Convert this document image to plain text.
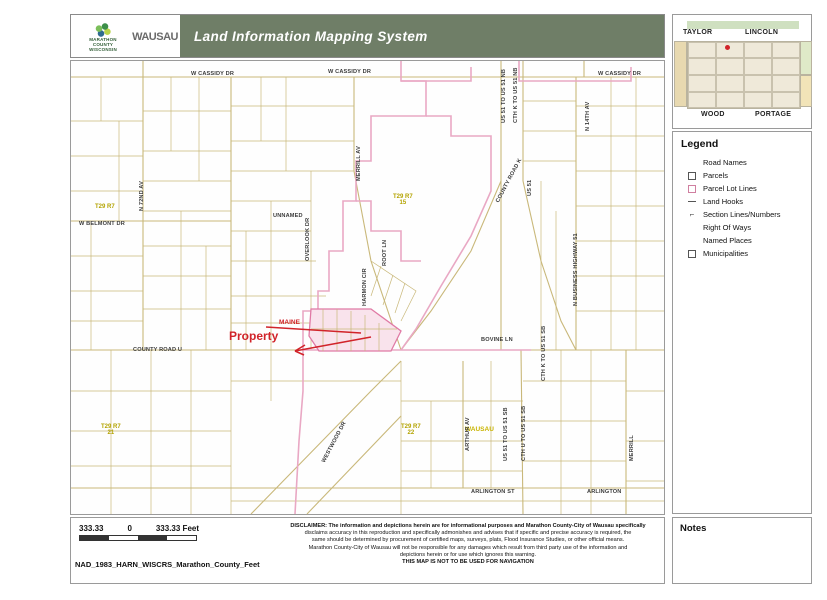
MARATHON
COUNTY
WISCONSIN
WAUSAU Land Information Mapping System
Property
MAINE
T29 R7
T29 R7
15
T29 R7
21
T29 R7
22	WAUSAU
W CASSIDY DR	W CASSIDY DR	W CASSIDY DR
W BELMONT DR
N 72ND AV
MERRILL AV
OVERLOOK DR	ROOT LN
HARMON CIR
UNNAMED
US 51 TO US 51 NB
US 51
CTH K TO US 51 NB
COUNTY ROAD K
N 14TH AV
N BUSINESS HIGHWAY 51
COUNTY ROAD U
BOVINE LN	CTH K TO US 51 SB
CTH U TO US 51 SB
US 51 TO US 51 SB
WESTWOOD DR	MERRILL
ARLINGTON ST	ARLINGTON
ARTHUR AV
333.33	0	333.33 Feet
NAD_1983_HARN_WISCRS_Marathon_County_Feet
DISCLAIMER: The information and depictions herein are for informational purposes and Marathon County-City of Wausau specifically
disclaims accuracy in this reproduction and specifically admonishes and advises that if specific and precise accuracy is required, the
same should be determined by procurement of certified maps, surveys, plats, Flood Insurance Studies, or other official means.
Marathon County-City of Wausau will not be responsible for any damages which result from third party use of the information and
depictions herein or for use which ignores this warning.
THIS MAP IS NOT TO BE USED FOR NAVIGATION
TAYLOR	LINCOLN
WOOD	PORTAGE
Legend
Road Names
Parcels
Parcel Lot Lines
Land Hooks
⌐ Section Lines/Numbers
Right Of Ways
Named Places
Municipalities
Notes
